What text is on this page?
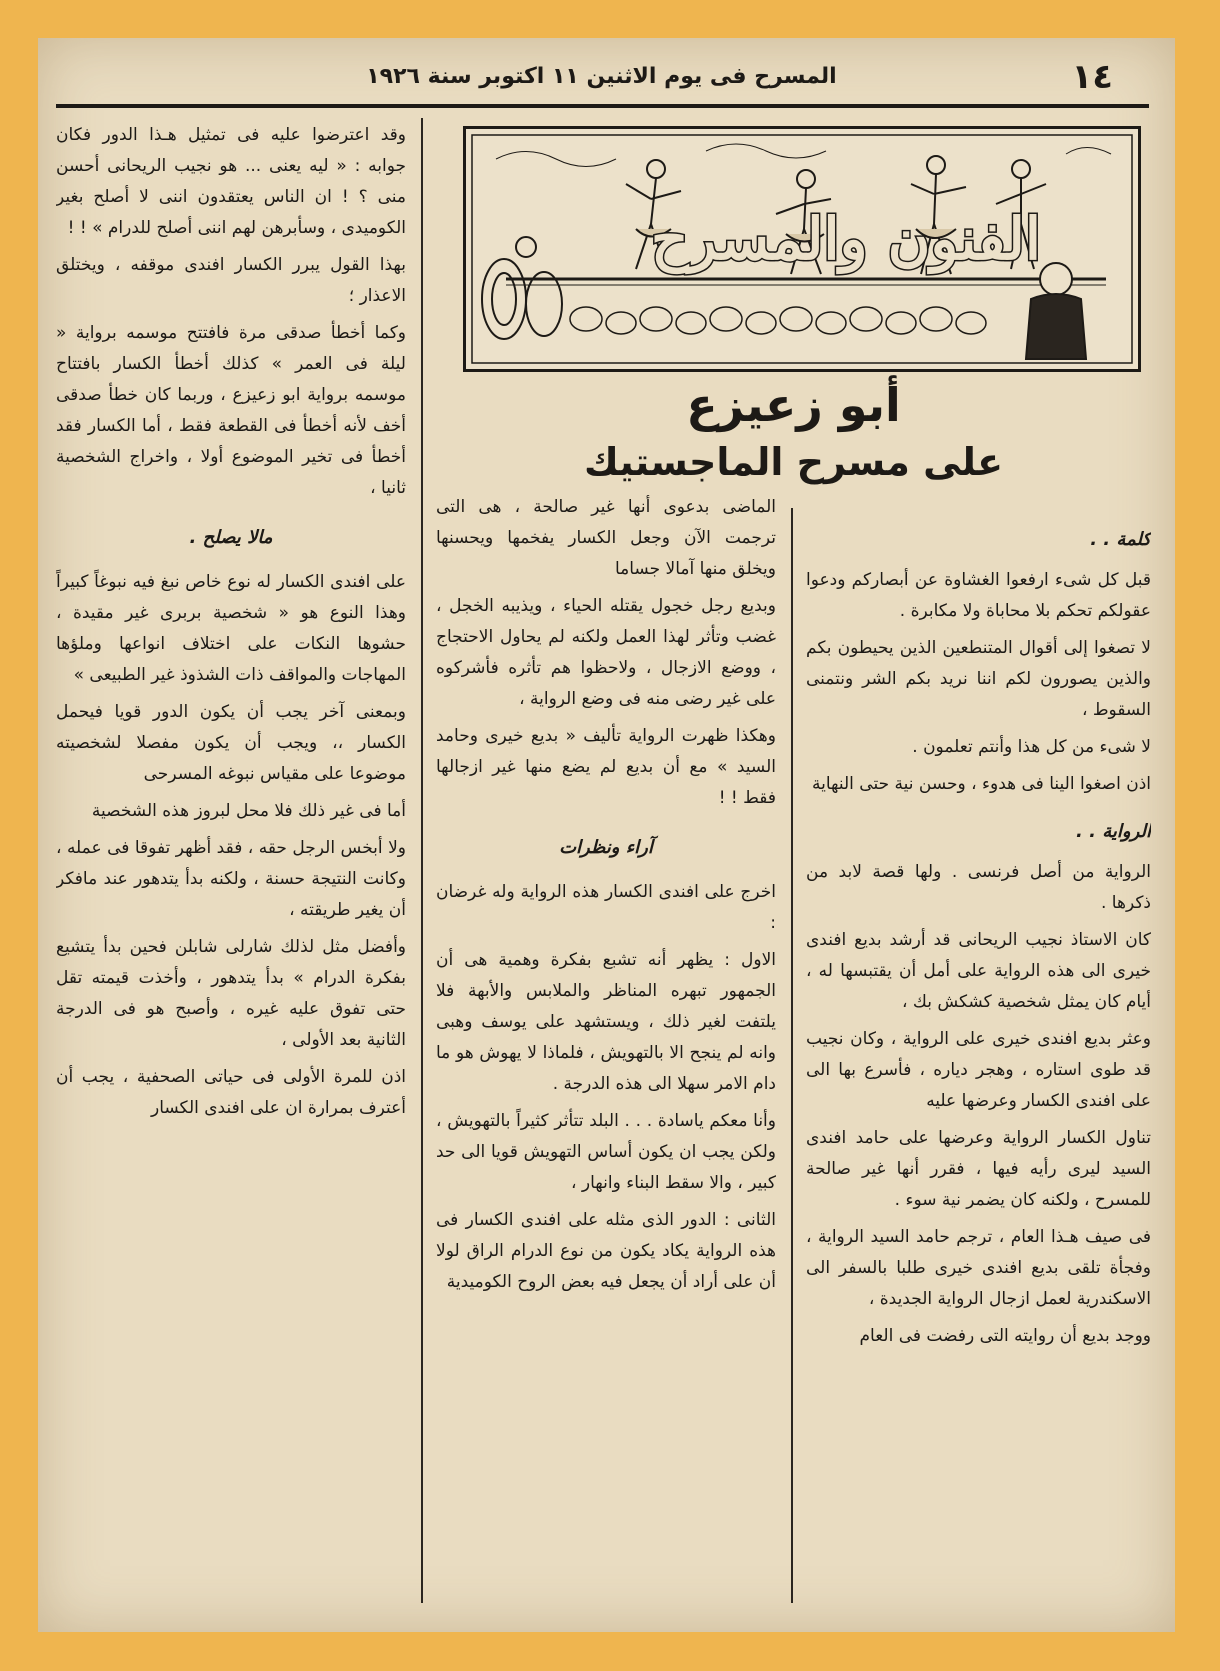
١٤
المسرح فى يوم الاثنين ١١ اكتوبر سنة ١٩٢٦

وقد اعترضوا عليه فى تمثيل هـذا الدور فكان جوابه : « ليه يعنى ... هو نجيب الريحانى أحسن منى ؟ ! ان الناس يعتقدون اننى لا أصلح بغير الكوميدى ، وسأبرهن لهم اننى أصلح للدرام » ! !

بهذا القول يبرر الكسار افندى موقفه ، ويختلق الاعذار ؛

وكما أخطأ صدقى مرة فافتتح موسمه برواية « ليلة فى العمر » كذلك أخطأ الكسار بافتتاح موسمه برواية ابو زعيزع ، وربما كان خطأ صدقى أخف لأنه أخطأ فى القطعة فقط ، أما الكسار فقد أخطأ فى تخير الموضوع أولا ، واخراج الشخصية ثانيا ،

مالا يصلح .

على افندى الكسار له نوع خاص نبغ فيه نبوغاً كبيراً وهذا النوع هو « شخصية بربرى غير مقيدة ، حشوها النكات على اختلاف انواعها وملؤها المهاجات والمواقف ذات الشذوذ غير الطبيعى »

وبمعنى آخر يجب أن يكون الدور قويا فيحمل الكسار ،، ويجب أن يكون مفصلا لشخصيته موضوعا على مقياس نبوغه المسرحى

أما فى غير ذلك فلا محل لبروز هذه الشخصية

ولا أبخس الرجل حقه ، فقد أظهر تفوقا فى عمله ، وكانت النتيجة حسنة ، ولكنه بدأ يتدهور عند مافكر أن يغير طريقته ،

وأفضل مثل لذلك شارلى شابلن فحين بدأ يتشيع بفكرة الدرام » بدأ يتدهور ، وأخذت قيمته تقل حتى تفوق عليه غيره ، وأصبح هو فى الدرجة الثانية بعد الأولى ،

اذن للمرة الأولى فى حياتى الصحفية ، يجب أن أعترف بمرارة ان على افندى الكسار

الفنون والمسرح
أبو زعيزع
على مسرح الماجستيك

الماضى بدعوى أنها غير صالحة ، هى التى ترجمت الآن وجعل الكسار يفخمها ويحسنها ويخلق منها آمالا جساما

وبديع رجل خجول يقتله الحياء ، ويذيبه الخجل ، غضب وتأثر لهذا العمل ولكنه لم يحاول الاحتجاج ، ووضع الازجال ، ولاحظوا هم تأثره فأشركوه على غير رضى منه فى وضع الرواية ،

وهكذا ظهرت الرواية تأليف « بديع خيرى وحامد السيد » مع أن بديع لم يضع منها غير ازجالها فقط ! !

آراء ونظرات

اخرج على افندى الكسار هذه الرواية وله غرضان :

الاول : يظهر أنه تشبع بفكرة وهمية هى أن الجمهور تبهره المناظر والملابس والأبهة فلا يلتفت لغير ذلك ، ويستشهد على يوسف وهبى وانه لم ينجح الا بالتهويش ، فلماذا لا يهوش هو ما دام الامر سهلا الى هذه الدرجة .

وأنا معكم ياسادة . . . البلد تتأثر كثيراً بالتهويش ، ولكن يجب ان يكون أساس التهويش قويا الى حد كبير ، والا سقط البناء وانهار ،

الثانى : الدور الذى مثله على افندى الكسار فى هذه الرواية يكاد يكون من نوع الدرام الراق لولا أن على أراد أن يجعل فيه بعض الروح الكوميدية

كلمة . .

قبل كل شىء ارفعوا الغشاوة عن أبصاركم ودعوا عقولكم تحكم بلا محاباة ولا مكابرة .

لا تصغوا إلى أقوال المتنطعين الذين يحيطون بكم والذين يصورون لكم اننا نريد بكم الشر ونتمنى السقوط ،

لا شىء من كل هذا وأنتم تعلمون .

اذن اصغوا الينا فى هدوء ، وحسن نية حتى النهاية

الرواية . .

الرواية من أصل فرنسى . ولها قصة لابد من ذكرها .

كان الاستاذ نجيب الريحانى قد أرشد بديع افندى خيرى الى هذه الرواية على أمل أن يقتبسها له ، أيام كان يمثل شخصية كشكش بك ،

وعثر بديع افندى خيرى على الرواية ، وكان نجيب قد طوى استاره ، وهجر دياره ، فأسرع بها الى على افندى الكسار وعرضها عليه

تناول الكسار الرواية وعرضها على حامد افندى السيد ليرى رأيه فيها ، فقرر أنها غير صالحة للمسرح ، ولكنه كان يضمر نية سوء .

فى صيف هـذا العام ، ترجم حامد السيد الرواية ، وفجأة تلقى بديع افندى خيرى طلبا بالسفر الى الاسكندرية لعمل ازجال الرواية الجديدة ،

ووجد بديع أن روايته التى رفضت فى العام
